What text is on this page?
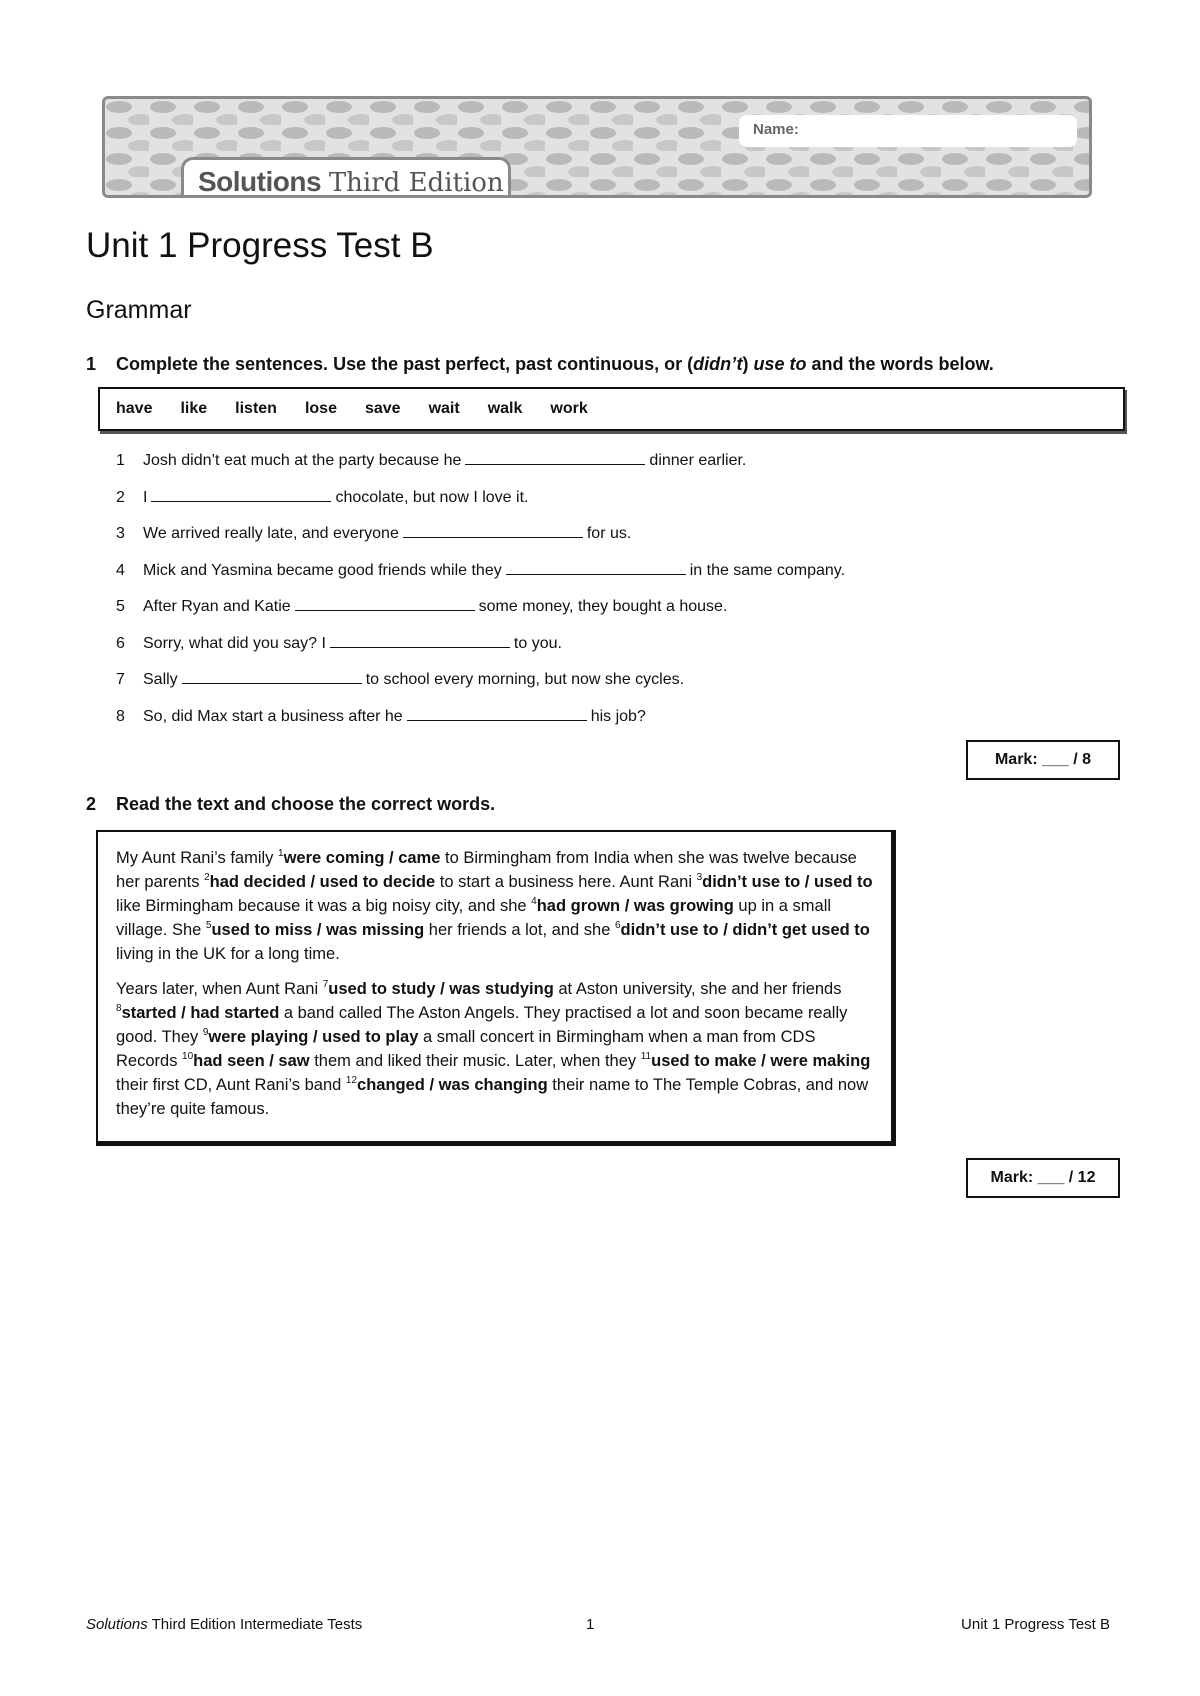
Name:
Solutions Third Edition
Unit 1 Progress Test B
Grammar
1 Complete the sentences. Use the past perfect, past continuous, or (didn’t) use to and the words below.
have like listen lose save wait walk work
1 Josh didn’t eat much at the party because he	dinner earlier.
2 I	chocolate, but now I love it.
3 We arrived really late, and everyone	for us.
4 Mick and Yasmina became good friends while they	in the same company.
5 After Ryan and Katie	some money, they bought a house.
6 Sorry, what did you say? I	to you.
7 Sally	to school every morning, but now she cycles.
8 So, did Max start a business after he	his job?
Mark: ___ / 8
2 Read the text and choose the correct words.

My Aunt Rani’s family $^1$were coming / came to Birmingham from India when she was twelve because her parents $^2$had decided / used to decide to start a business here. Aunt Rani $^3$didn’t use to / used to like Birmingham because it was a big noisy city, and she $^4$had grown / was growing up in a small village. She $^5$used to miss / was missing her friends a lot, and she $^6$didn’t use to / didn’t get used to living in the UK for a long time.

Years later, when Aunt Rani $^7$used to study / was studying at Aston university, she and her friends $^8$started / had started a band called The Aston Angels. They practised a lot and soon became really good. They $^9$were playing / used to play a small concert in Birmingham when a man from CDS Records $^{10}$had seen / saw them and liked their music. Later, when they $^{11}$used to make / were making their first CD, Aunt Rani’s band $^{12}$changed / was changing their name to The Temple Cobras, and now they’re quite famous.

Mark: ___ / 12
Solutions Third Edition Intermediate Tests	1	Unit 1 Progress Test B
